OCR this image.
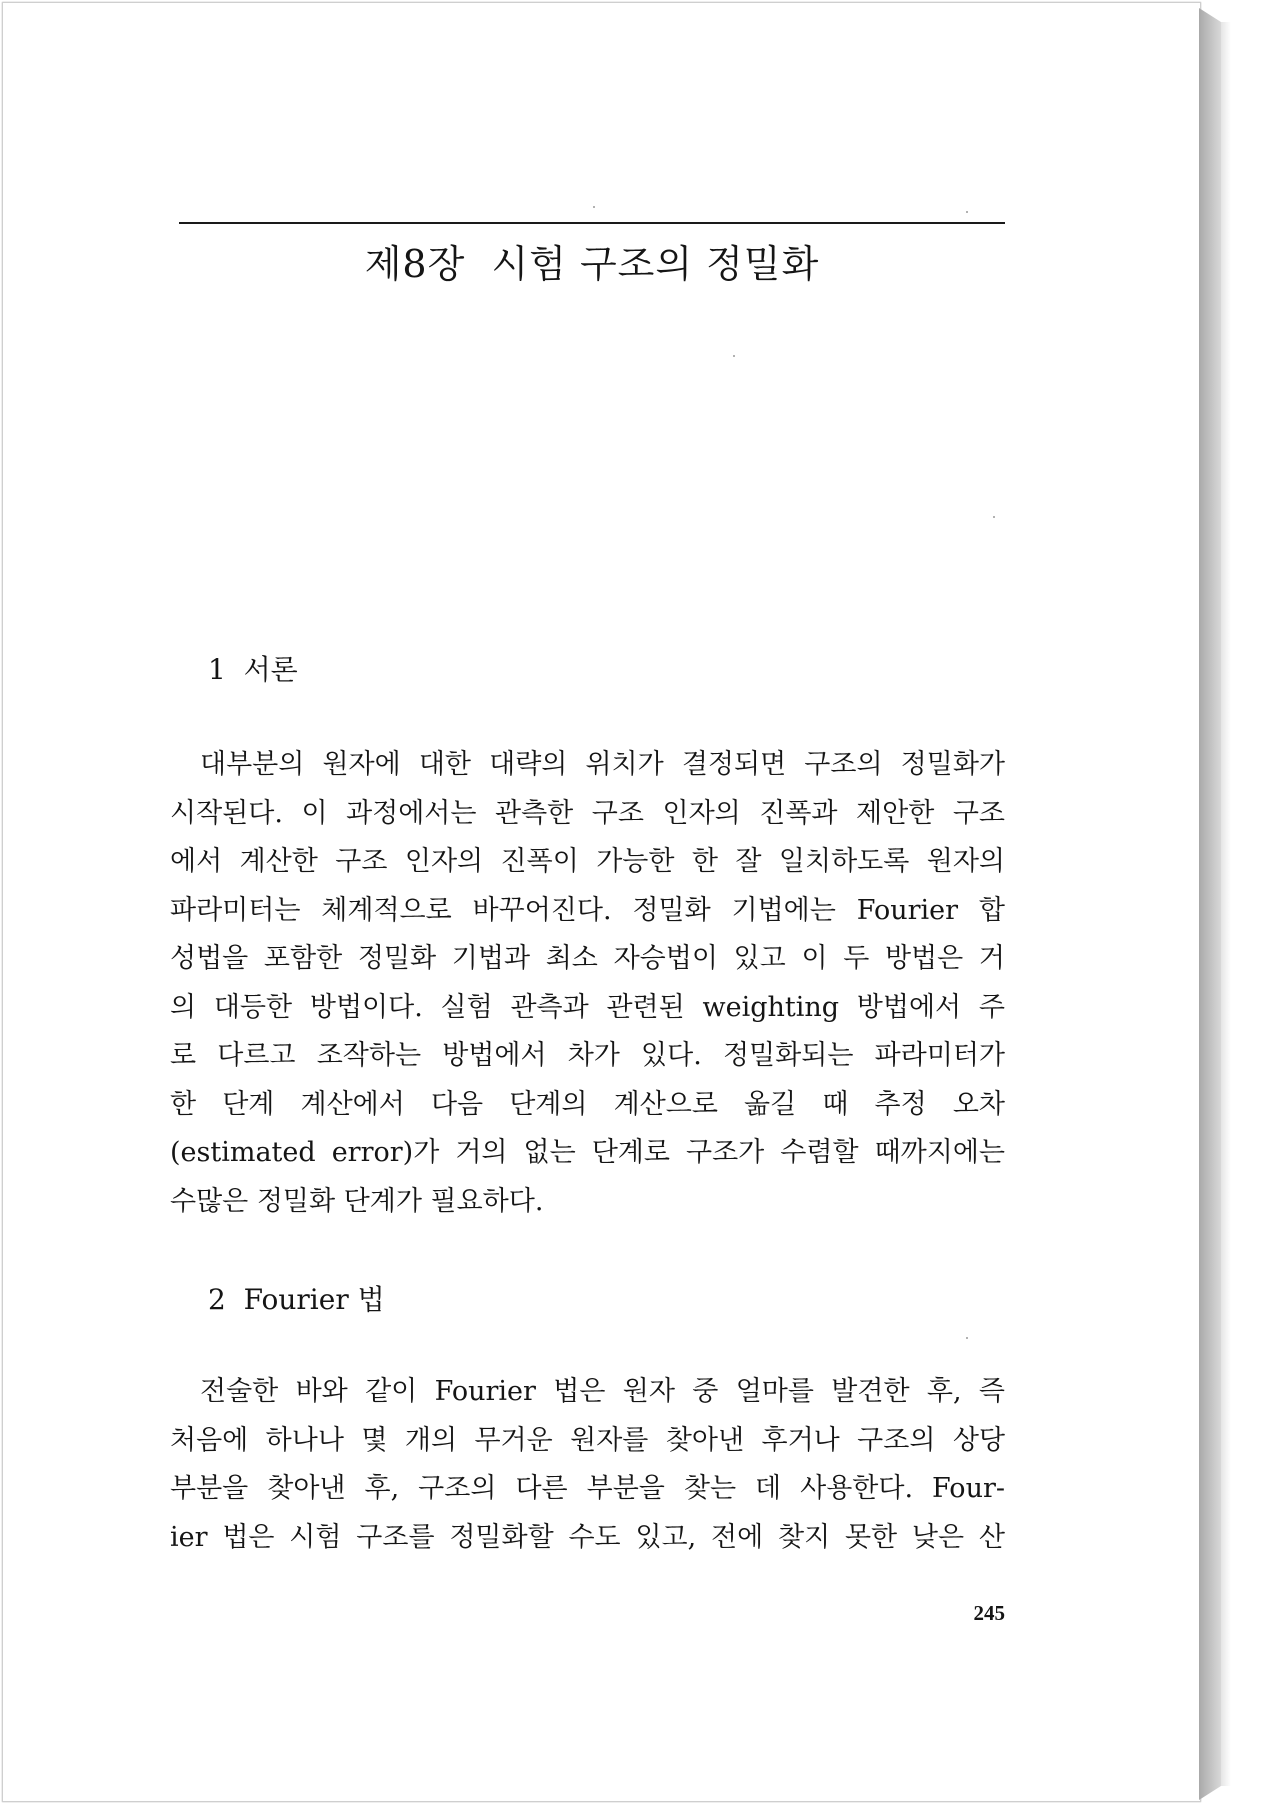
제8장  시험 구조의 정밀화
1  서론
대부분의 원자에 대한 대략의 위치가 결정되면 구조의 정밀화가
시작된다. 이 과정에서는 관측한 구조 인자의 진폭과 제안한 구조
에서 계산한 구조 인자의 진폭이 가능한 한 잘 일치하도록 원자의
파라미터는 체계적으로 바꾸어진다. 정밀화 기법에는 Fourier 합
성법을 포함한 정밀화 기법과 최소 자승법이 있고 이 두 방법은 거
의 대등한 방법이다. 실험 관측과 관련된 weighting 방법에서 주
로 다르고 조작하는 방법에서 차가 있다. 정밀화되는 파라미터가
한 단계 계산에서 다음 단계의 계산으로 옮길 때 추정 오차
(estimated error)가 거의 없는 단계로 구조가 수렴할 때까지에는
수많은 정밀화 단계가 필요하다.
2  Fourier 법
전술한 바와 같이 Fourier 법은 원자 중 얼마를 발견한 후, 즉
처음에 하나나 몇 개의 무거운 원자를 찾아낸 후거나 구조의 상당
부분을 찾아낸 후, 구조의 다른 부분을 찾는 데 사용한다. Four-
ier 법은 시험 구조를 정밀화할 수도 있고, 전에 찾지 못한 낮은 산
245
